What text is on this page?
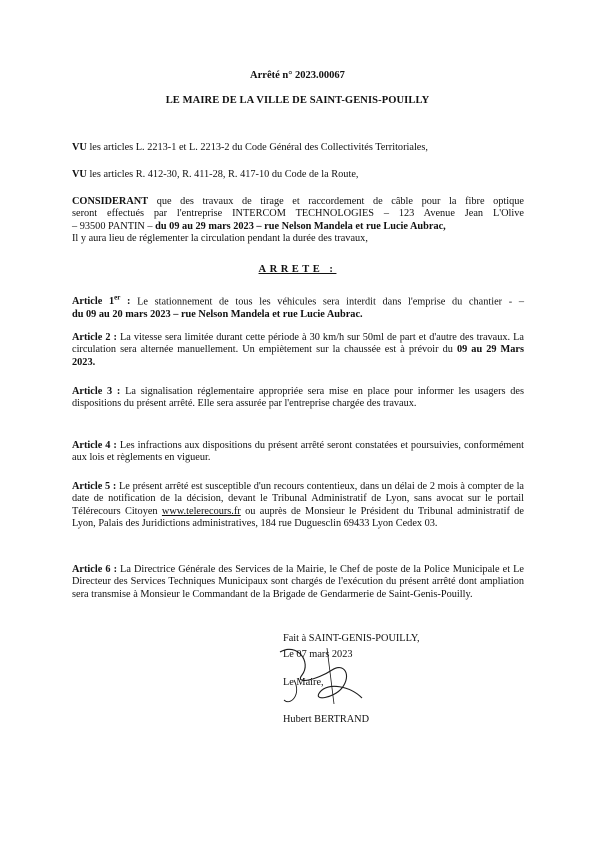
Arrêté n° 2023.00067
LE MAIRE DE LA VILLE DE SAINT-GENIS-POUILLY
VU les articles L. 2213-1 et L. 2213-2 du Code Général des Collectivités Territoriales,
VU les articles R. 412-30, R. 411-28, R. 417-10 du Code de la Route,
CONSIDERANT que des travaux de tirage et raccordement de câble pour la fibre optique
seront effectués par l'entreprise INTERCOM TECHNOLOGIES – 123 Avenue Jean L'Olive
– 93500 PANTIN – du 09 au 29 mars 2023 – rue Nelson Mandela et rue Lucie Aubrac,
Il y aura lieu de réglementer la circulation pendant la durée des travaux,
ARRETE :
Article 1er : Le stationnement de tous les véhicules sera interdit dans l'emprise du chantier - –
du 09 au 20 mars 2023 – rue Nelson Mandela et rue Lucie Aubrac.
Article 2 : La vitesse sera limitée durant cette période à 30 km/h sur 50ml de part et d'autre des travaux. La circulation sera alternée manuellement. Un empiètement sur la chaussée est à prévoir du 09 au 29 Mars 2023.
Article 3 : La signalisation réglementaire appropriée sera mise en place pour informer les usagers des dispositions du présent arrêté. Elle sera assurée par l'entreprise chargée des travaux.
Article 4 : Les infractions aux dispositions du présent arrêté seront constatées et poursuivies, conformément aux lois et règlements en vigueur.
Article 5 : Le présent arrêté est susceptible d'un recours contentieux, dans un délai de 2 mois à compter de la date de notification de la décision, devant le Tribunal Administratif de Lyon, sans avocat sur le portail Télérecours Citoyen www.telerecours.fr ou auprès de Monsieur le Président du Tribunal administratif de Lyon, Palais des Juridictions administratives, 184 rue Duguesclin 69433 Lyon Cedex 03.
Article 6 : La Directrice Générale des Services de la Mairie, le Chef de poste de la Police Municipale et Le Directeur des Services Techniques Municipaux sont chargés de l'exécution du présent arrêté dont ampliation sera transmise à Monsieur le Commandant de la Brigade de Gendarmerie de Saint-Genis-Pouilly.
Fait à SAINT-GENIS-POUILLY,
Le 07 mars 2023
Le Maire,
Hubert BERTRAND
